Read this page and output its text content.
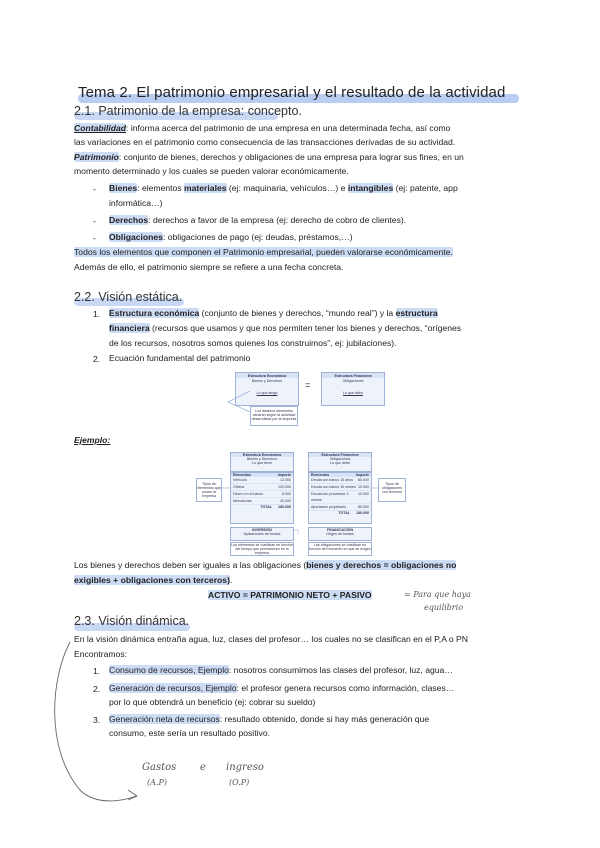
Tema 2. El patrimonio empresarial y el resultado de la actividad
2.1. Patrimonio de la empresa: concepto.
Contabilidad: informa acerca del patrimonio de una empresa en una determinada fecha, así como
las variaciones en el patrimonio como consecuencia de las transacciones derivadas de su actividad.
Patrimonio: conjunto de bienes, derechos y obligaciones de una empresa para lograr sus fines, en un
momento determinado y los cuales se pueden valorar económicamente.
- Bienes: elementos materiales (ej: maquinaria, vehículos…) e intangibles (ej: patente, app
informática…)
- Derechos: derechos a favor de la empresa (ej: derecho de cobro de clientes).
- Obligaciones: obligaciones de pago (ej: deudas, préstamos,…)
Todos los elementos que componen el Patrimonio empresarial, pueden valorarse económicamente.
Además de ello, el patrimonio siempre se refiere a una fecha concreta.
2.2. Visión estática.
1. Estructura económica (conjunto de bienes y derechos, “mundo real”) y la estructura
financiera (recursos que usamos y que nos permiten tener los bienes y derechos, “orígenes
de los recursos, nosotros somos quienes los construimos”, ej: jubilaciones).
2. Ecuación fundamental del patrimonio
Estructura Económica
Bienes y Derechos
Lo que tengo
=
Estructura Financiera
Obligaciones
Lo que debo
Los distintos elementos variarán según la actividad desarrollada por la empresa
Ejemplo:
Estructura Económica
Bienes y Derechos
Lo que tiene
Estructura Financiera
Obligaciones
Lo que debe
Elementos	Importe
Vehículo	12.000
Oficina	120.000
Dinero en el banco	8.000
Mercancías	40.000
TOTAL 180.000
Elementos	Importe
Deuda con banco 15 años 80.000
Deuda con banco 10 meses 10.000
Deuda con proveedor 3 meses
10.000
Aportación propietario	80.000
TOTAL 180.000
Tipos de elementos que posee la empresa
Tipos de obligaciones con terceros
INVERSIÓN
Aplicaciones de fondos
FINANCIACIÓN
Origen de fondos
Los elementos se clasifican en función del tiempo que permanecen en la empresa
Las obligaciones se clasifican en función del momento en que se exigen
Los bienes y derechos deben ser iguales a las obligaciones (bienes y derechos = obligaciones no
exigibles + obligaciones con terceros).
ACTIVO = PATRIMONIO NETO + PASIVO	= Para que haya
equilibrio
2.3. Visión dinámica.
En la visión dinámica entraña agua, luz, clases del profesor… los cuales no se clasifican en el P,A o PN
Encontramos:
1. Consumo de recursos, Ejemplo: nosotros consumimos las clases del profesor, luz, agua…
2. Generación de recursos, Ejemplo: el profesor genera recursos como información, clases…
por lo que obtendrá un beneficio (ej: cobrar su sueldo)
3. Generación neta de recursos: resultado obtenido, donde si hay más generación que
consumo, este sería un resultado positivo.
Gastos e ingreso
(A.P)	(O.P)
